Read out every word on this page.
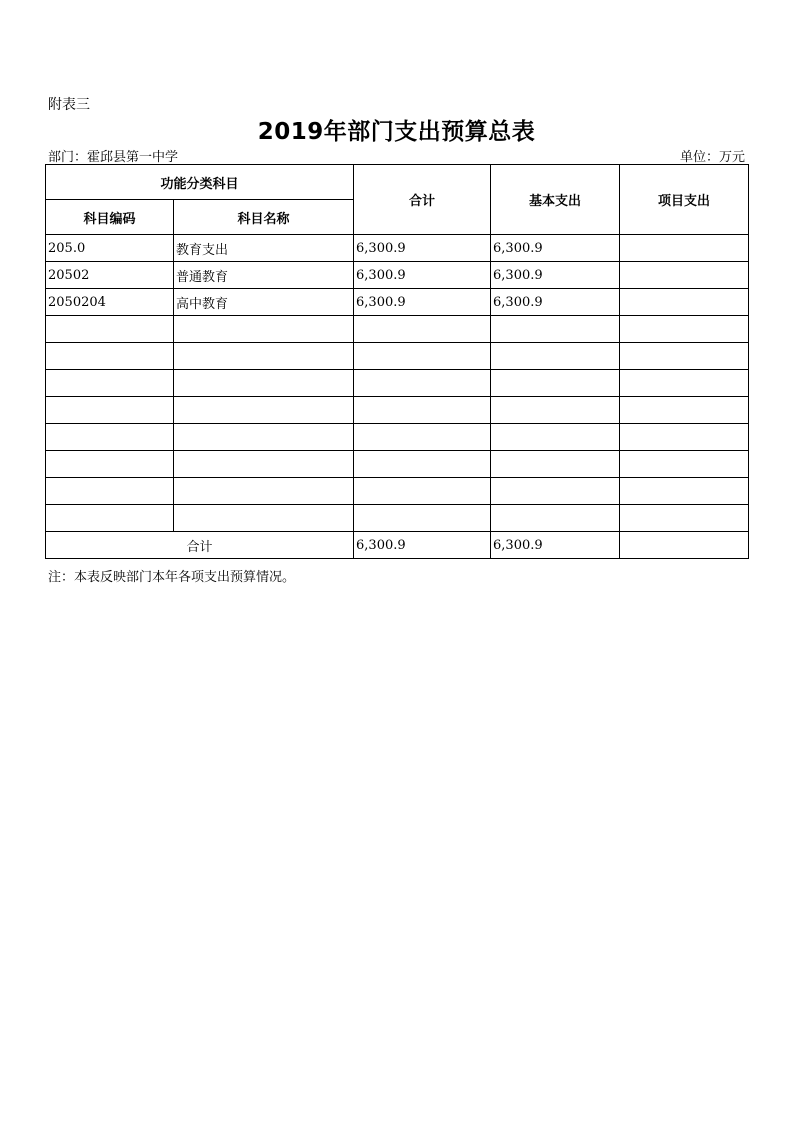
附表三
2019年部门支出预算总表
部门：霍邱县第一中学	单位：万元
功能分类科目		合计	基本支出	项目支出
科目编码	科目名称			
205.0	教育支出	6,300.9	6,300.9	
20502	普通教育	6,300.9	6,300.9	
2050204	高中教育	6,300.9	6,300.9	

合计		6,300.9	6,300.9	
注：本表反映部门本年各项支出预算情况。
